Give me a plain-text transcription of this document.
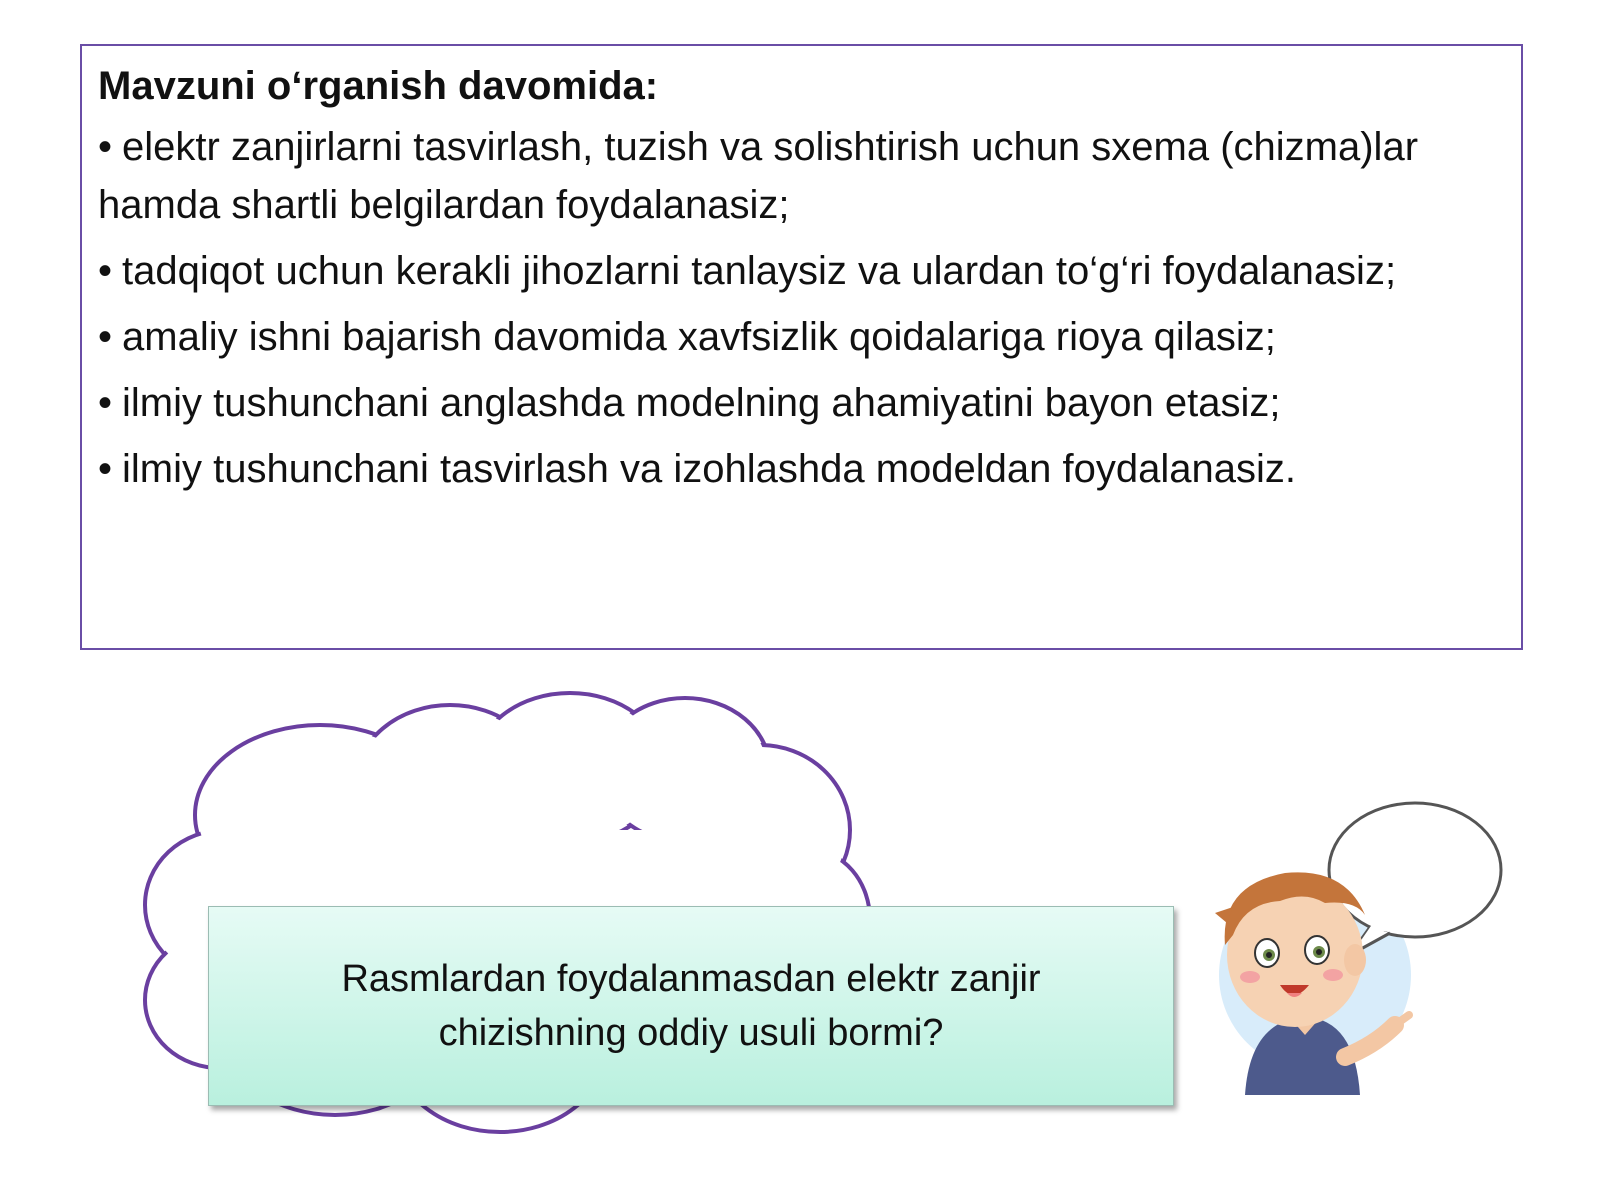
Mavzuni o‘rganish davomida:
• elektr zanjirlarni tasvirlash, tuzish va solishtirish uchun sxema (chizma)lar hamda shartli belgilardan foydalanasiz;
• tadqiqot uchun kerakli jihozlarni tanlaysiz va ulardan to‘g‘ri foydalanasiz;
• amaliy ishni bajarish davomida xavfsizlik qoidalariga rioya qilasiz;
• ilmiy tushunchani anglashda modelning ahamiyatini bayon etasiz;
• ilmiy tushunchani tasvirlash va izohlashda modeldan foydalanasiz.
Rasmlardan foydalanmasdan elektr zanjir chizishning oddiy usuli bormi?
